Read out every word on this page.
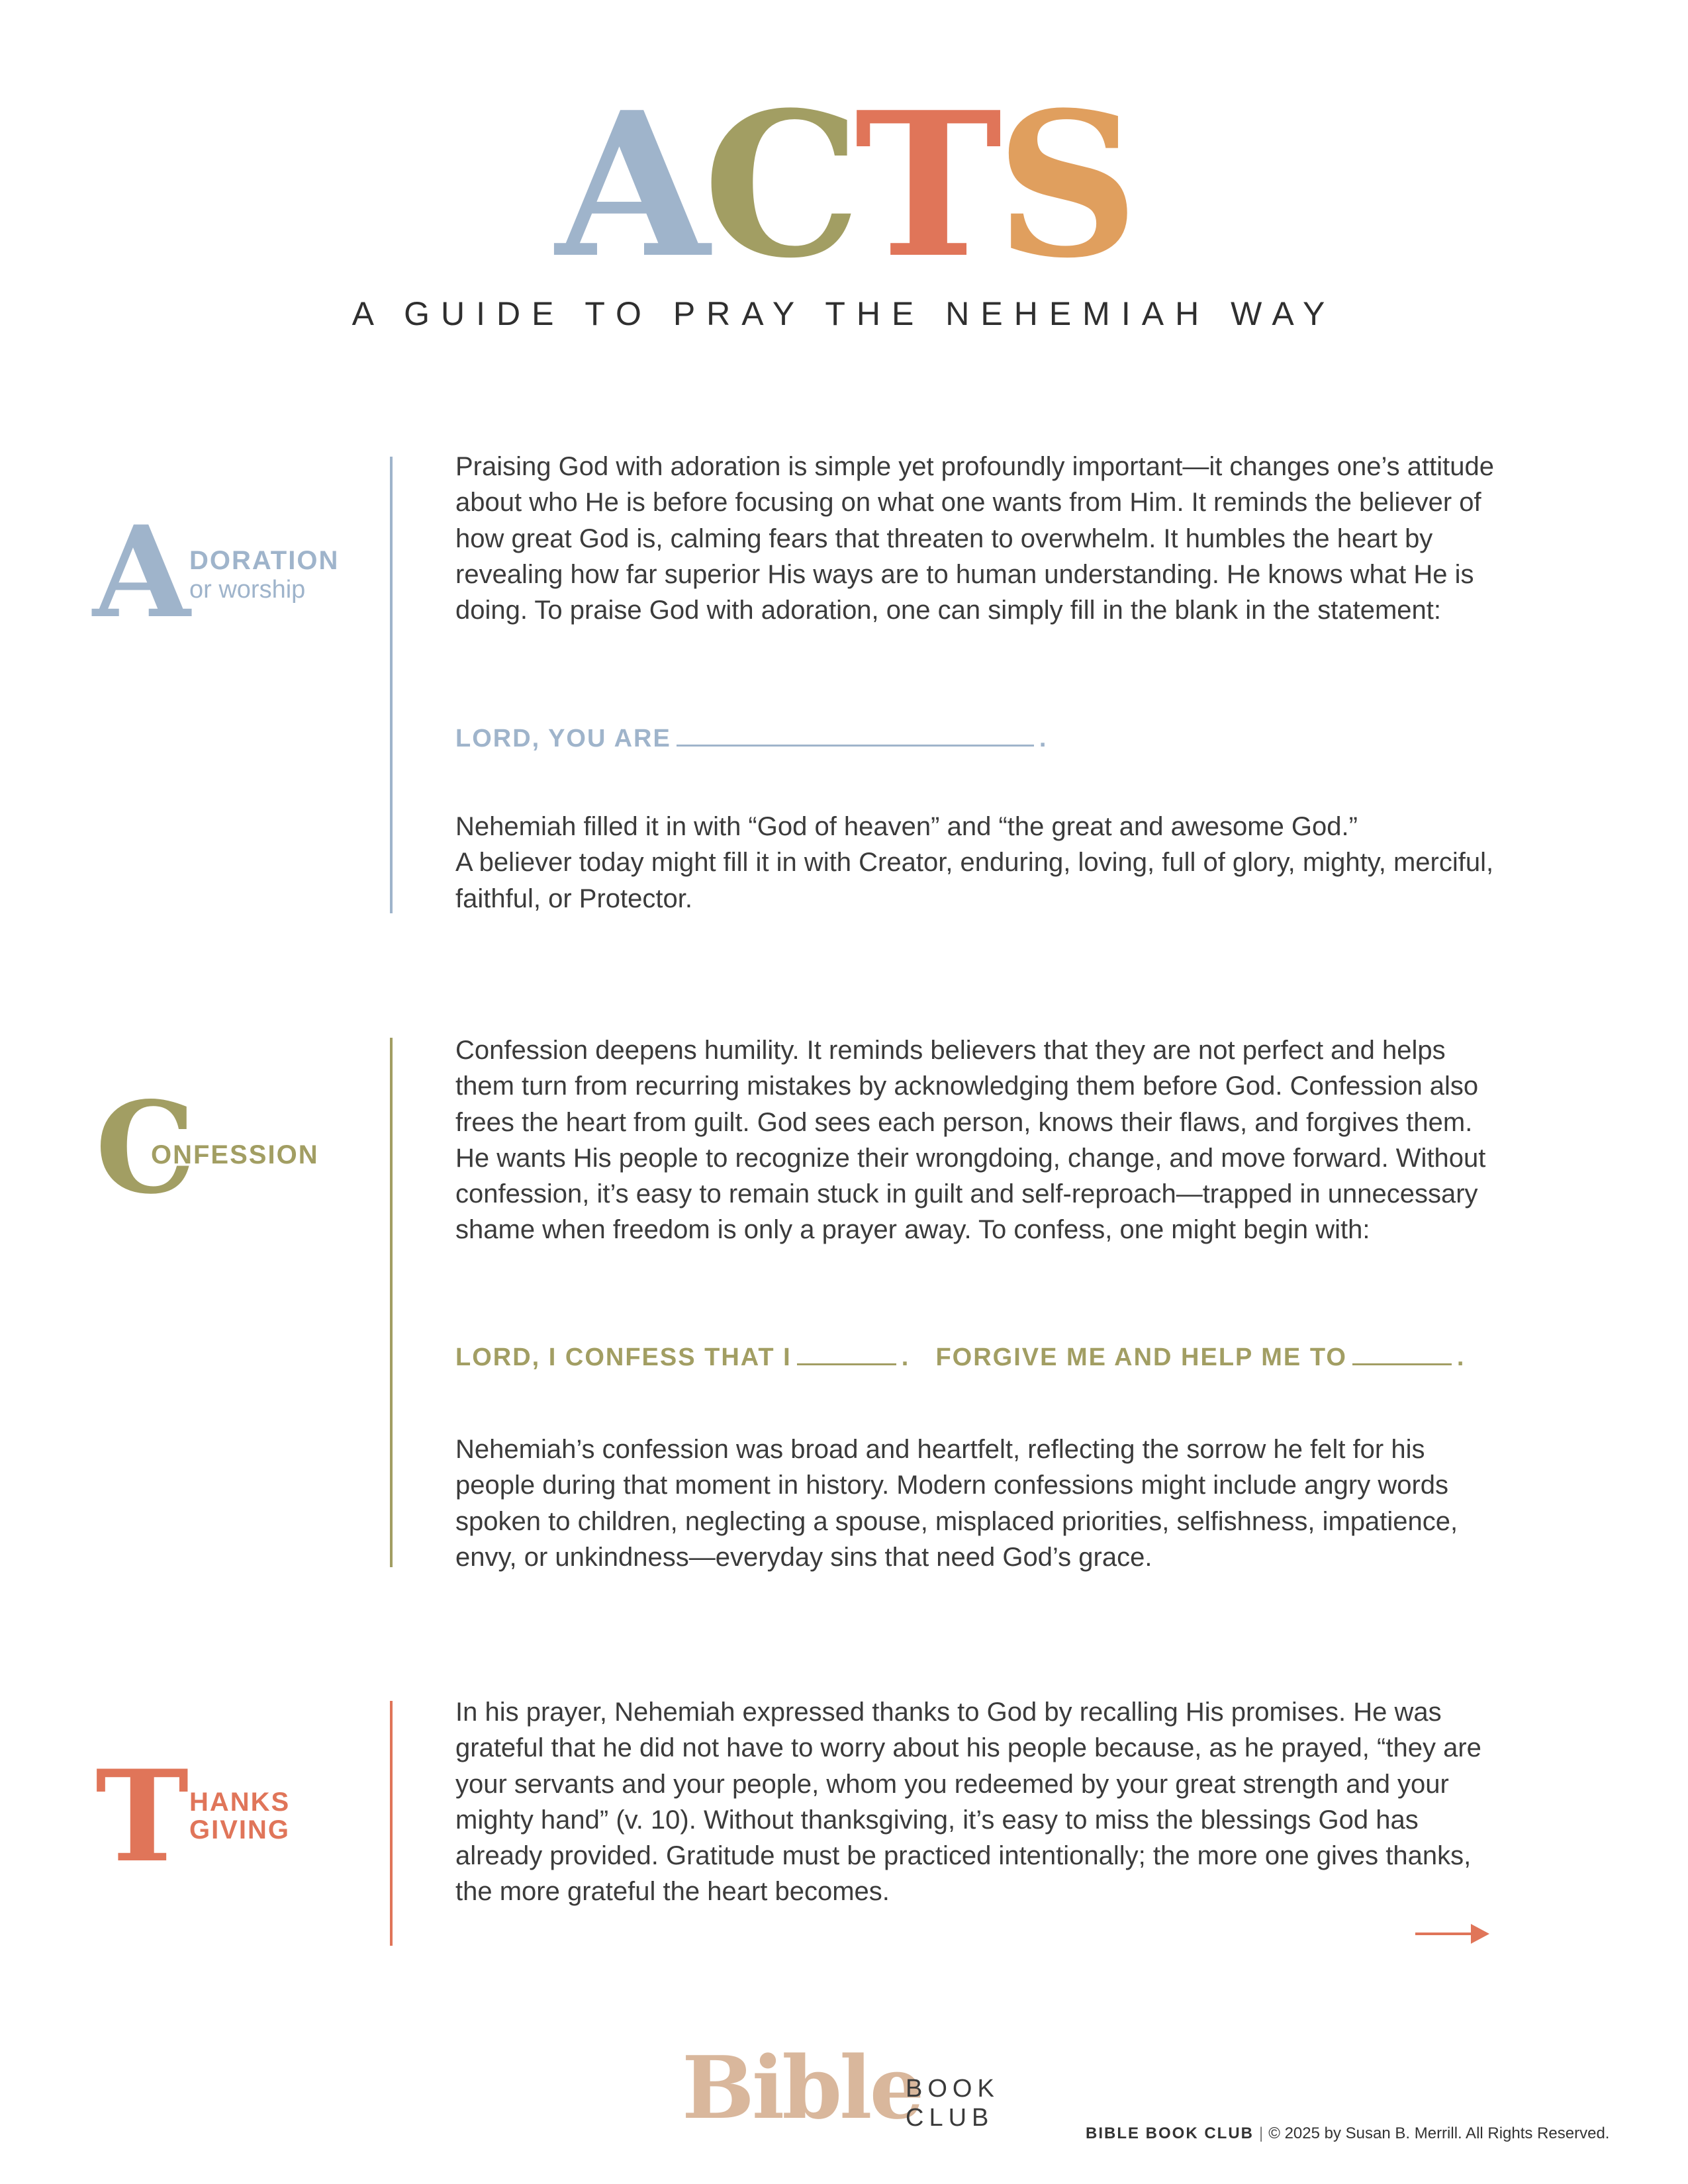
ACTS
A GUIDE TO PRAY THE NEHEMIAH WAY
A
DORATION
or worship
Praising God with adoration is simple yet profoundly important—it changes one’s attitude about who He is before focusing on what one wants from Him. It reminds the believer of how great God is, calming fears that threaten to overwhelm. It humbles the heart by revealing how far superior His ways are to human understanding. He knows what He is doing. To praise God with adoration, one can simply fill in the blank in the statement:
LORD, YOU ARE	.
Nehemiah filled it in with “God of heaven” and “the great and awesome God.”
A believer today might fill it in with Creator, enduring, loving, full of glory, mighty, merciful, faithful, or Protector.
C
ONFESSION
Confession deepens humility. It reminds believers that they are not perfect and helps them turn from recurring mistakes by acknowledging them before God. Confession also frees the heart from guilt. God sees each person, knows their flaws, and forgives them. He wants His people to recognize their wrongdoing, change, and move forward. Without confession, it’s easy to remain stuck in guilt and self-reproach—trapped in unnecessary shame when freedom is only a prayer away. To confess, one might begin with:
LORD, I CONFESS THAT I	. FORGIVE ME AND HELP ME TO	.
Nehemiah’s confession was broad and heartfelt, reflecting the sorrow he felt for his people during that moment in history. Modern confessions might include angry words spoken to children, neglecting a spouse, misplaced priorities, selfishness, impatience, envy, or unkindness—everyday sins that need God’s grace.
T HANKS
GIVING
In his prayer, Nehemiah expressed thanks to God by recalling His promises. He was grateful that he did not have to worry about his people because, as he prayed, “they are your servants and your people, whom you redeemed by your great strength and your mighty hand” (v. 10). Without thanksgiving, it’s easy to miss the blessings God has already provided. Gratitude must be practiced intentionally; the more one gives thanks, the more grateful the heart becomes.
Bible
BOOK
CLUB
BIBLE BOOK CLUB | © 2025 by Susan B. Merrill. All Rights Reserved.
